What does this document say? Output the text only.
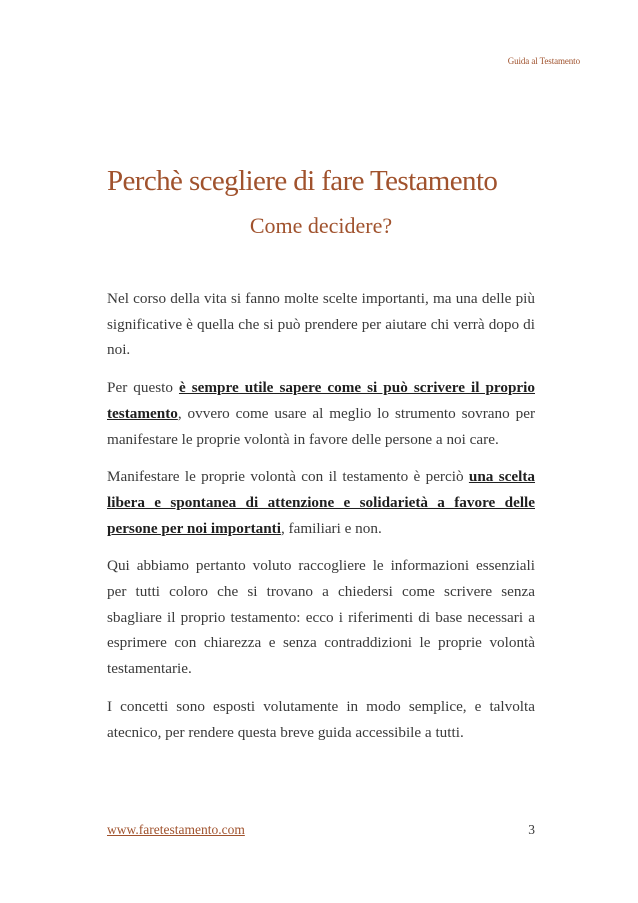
Guida al Testamento
Perchè scegliere di fare Testamento
Come decidere?

Nel corso della vita si fanno molte scelte importanti, ma una delle più significative è quella che si può prendere per aiutare chi verrà dopo di noi.

Per questo è sempre utile sapere come si può scrivere il proprio testamento, ovvero come usare al meglio lo strumento sovrano per manifestare le proprie volontà in favore delle persone a noi care.

Manifestare le proprie volontà con il testamento è perciò una scelta libera e spontanea di attenzione e solidarietà a favore delle persone per noi importanti, familiari e non.

Qui abbiamo pertanto voluto raccogliere le informazioni essenziali per tutti coloro che si trovano a chiedersi come scrivere senza sbagliare il proprio testamento: ecco i riferimenti di base necessari a esprimere con chiarezza e senza contraddizioni le proprie volontà testamentarie.

I concetti sono esposti volutamente in modo semplice, e talvolta atecnico, per rendere questa breve guida accessibile a tutti.

www.faretestamento.com	3
